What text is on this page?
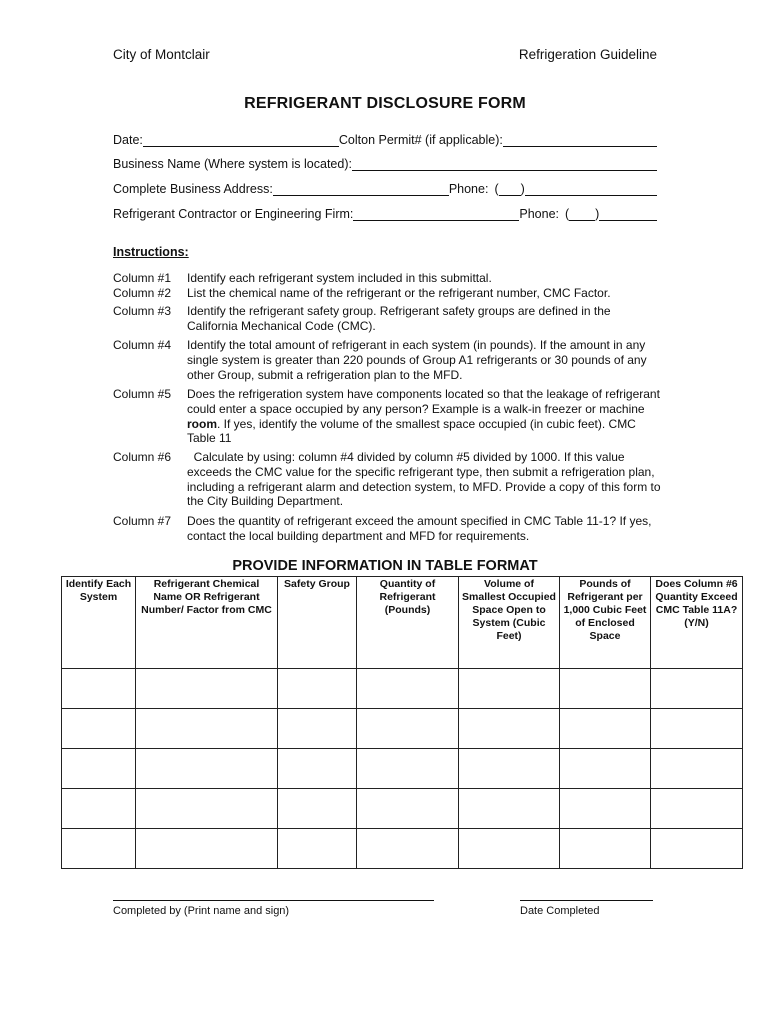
City of Montclair	Refrigeration Guideline
REFRIGERANT DISCLOSURE FORM
Date:	Colton Permit# (if applicable):
Business Name (Where system is located):
Complete Business Address:	Phone: ( )
Refrigerant Contractor or Engineering Firm:	Phone: ( )
Instructions:
Column #1	Identify each refrigerant system included in this submittal.
Column #2	List the chemical name of the refrigerant or the refrigerant number, CMC Factor.
Column #3	Identify the refrigerant safety group. Refrigerant safety groups are defined in the California Mechanical Code (CMC).
Column #4	Identify the total amount of refrigerant in each system (in pounds). If the amount in any single system is greater than 220 pounds of Group A1 refrigerants or 30 pounds of any other Group, submit a refrigeration plan to the MFD.
Column #5	Does the refrigeration system have components located so that the leakage of refrigerant could enter a space occupied by any person? Example is a walk-in freezer or machine room. If yes, identify the volume of the smallest space occupied (in cubic feet). CMC Table 11
Column #6	Calculate by using: column #4 divided by column #5 divided by 1000. If this value exceeds the CMC value for the specific refrigerant type, then submit a refrigeration plan, including a refrigerant alarm and detection system, to MFD. Provide a copy of this form to the City Building Department.
Column #7	Does the quantity of refrigerant exceed the amount specified in CMC Table 11-1? If yes, contact the local building department and MFD for requirements.
PROVIDE INFORMATION IN TABLE FORMAT
Identify Each System	Refrigerant Chemical Name OR Refrigerant Number/ Factor from CMC	Safety Group	Quantity of Refrigerant (Pounds)	Volume of Smallest Occupied Space Open to System (Cubic Feet)	Pounds of Refrigerant per 1,000 Cubic Feet of Enclosed Space	Does Column #6 Quantity Exceed CMC Table 11A? (Y/N)

Completed by (Print name and sign)	Date Completed
